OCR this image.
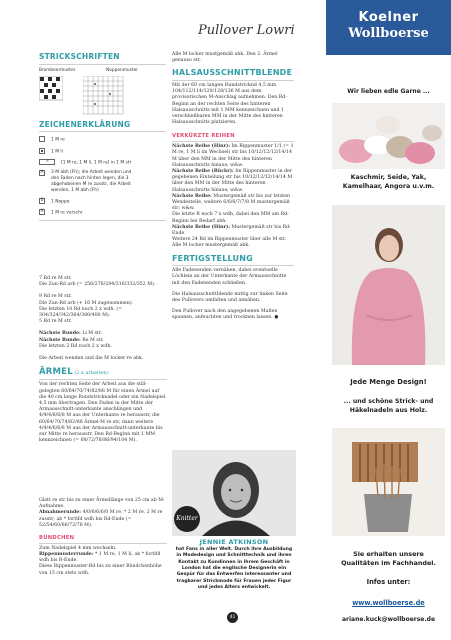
Pullover Lowri
STRICKSCHRIFTEN
Brombeermuster	Noppenmuster
ZEICHENERKLÄRUNG
1 M re
1 M li
⩘	[1 M re, 1 M li, 1 M re] in 1 M str
A	3 M abh (Fh); die Arbeit wenden und den Faden nach hinten legen, die 3 abgehobenen M re zusstr, die Arbeit wenden, 1 M abh (Fh)
0 1 Noppe
X 1 M re verschr

7 Rd re M str.

Die Zun-Rd arb (= 256/276/294/316/332/352 M).

9 Rd re M str.

Die Zun-Rd arb (+ 16 M zugenommen).

Die letzten 10 Rd noch 2 x wdh. (= 304/324/342/364/380/400 M).

5 Rd re M str.

Nächste Runde: Li M str.

Nächste Runde: Re M str.

Die letzten 2 Rd noch 2 x wdh.

Die Arbeit wenden und die M locker re abk.

ÄRMEL (2 x arbeiten)

Von der rechten Seite der Arbeit aus die still-gelegten 60/64/70/74/82/88 M für einen Ärmel auf die 40 cm lange Rundstricknadel oder ein Nadelspiel 4,5 mm übertragen. Den Faden in der Mitte der Armausschnitt-unterkante anschlingen und 4/4/4/6/6/8 M aus der Unterkante re herausstr, die 60/64/70/74/82/88 Ärmel-M re str, dann weitere 4/4/4/6/6/8 M aus der Armausschnitt-unterkante bis zur Mitte re herausstr. Den Rd-Beginn mit 1 MM kennzeichnen (= 68/72/78/86/94/104 M).

Glatt re str bis zu einer Ärmellänge von 25 cm ab M-Aufnahme.

Abnahmerunde: 4/0/6/6/6/0 M re, * 2 M re, 2 M re zusstr; ab * fortlfd wdh bis Rd-Ende (= 52/54/60/66/72/78 M).

BÜNDCHEN

Zum Nadelspiel 4 mm wechseln.

Rippenmusterrunde: * 1 M re, 1 M li; ab * fortlfd wdh bis R-Ende.

Diese Rippenmuster-Rd bis zu einer Bündchenhöhe von 15 cm stets wdh.

Alle M locker mustgemäß abk. Den 2. Ärmel genauso str.

HALSAUSSCHNITTBLENDE

Mit der 60 cm langen Rundstricknd 4,5 mm 104/112/114/120/128/136 M aus dem provisorischen M-Anschlag aufnehmen. Den Rd-Beginn an der rechten Seite des hinteren Halsausschnitts mit 1 MM kennzeichnen und 1 verschließbaren MM in der Mitte des hinteren Halsausschnitts platzieren.

VERKÜRZTE REIHEN

Nächste Reihe (Hinr): Im Rippenmuster 1/1 (= 1 M re, 1 M li im Wechsel) str bis 10/12/12/12/14/14 M über den MM in der Mitte des hinteren Halsausschnitts hinaus; w&w.

Nächste Reihe (Rückr): Im Rippenmuster in der gegebenen Einteilung str bis 10/12/12/12/14/14 M über den MM in der Mitte des hinteren Halsausschnitts hinaus; w&w.

Nächste Reihe: Mustergemäß str bis zur letzten Wendestelle, weitere 6/6/6/7/7/8 M mustergemäß str; w&w.

Die letzte R noch 7 x wdh, dabei den MM am Rd-Beginn bei Bedarf abh.

Nächste Reihe (Hinr): Mustergemäß str bis Rd-Ende.

Weitere 24 Rd im Rippenmuster über alle M str.

Alle M locker mustergemäß abk.

FERTIGSTELLUNG

Alle Fadenenden vernähen, dabei eventuelle Löchlein an der Unterkante der Armausschnitte mit den Fadenenden schließen.

Die Halsausschnittblende mittig zur linken Seite des Pullovers umfalten und annähen.

Den Pullover nach den angegebenen Maßen spannen, anfeuchten und trocknen lassen. ●

Knitter
JENNIE ATKINSON
hat Fans in aller Welt. Durch ihre Ausbildung in Modedesign und Schnitttechnik und ihren Kontakt zu Kundinnen in ihrem Geschäft in London hat die englische Designerin ein Gespür für das Entwerfen interessanter und tragbarer Strickmode für Frauen jeder Figur und jedes Alters entwickelt.
41
Koelner
Wollboerse
Wir lieben edle Garne ...
Kaschmir, Seide, Yak, Kamelhaar, Angora u.v.m.
Jede Menge Design!
... und schöne Strick- und Häkelnadeln aus Holz.
Sie erhalten unsere Qualitäten im Fachhandel.
Infos unter:
www.wollboerse.de
ariane.kuck@wollboerse.de
